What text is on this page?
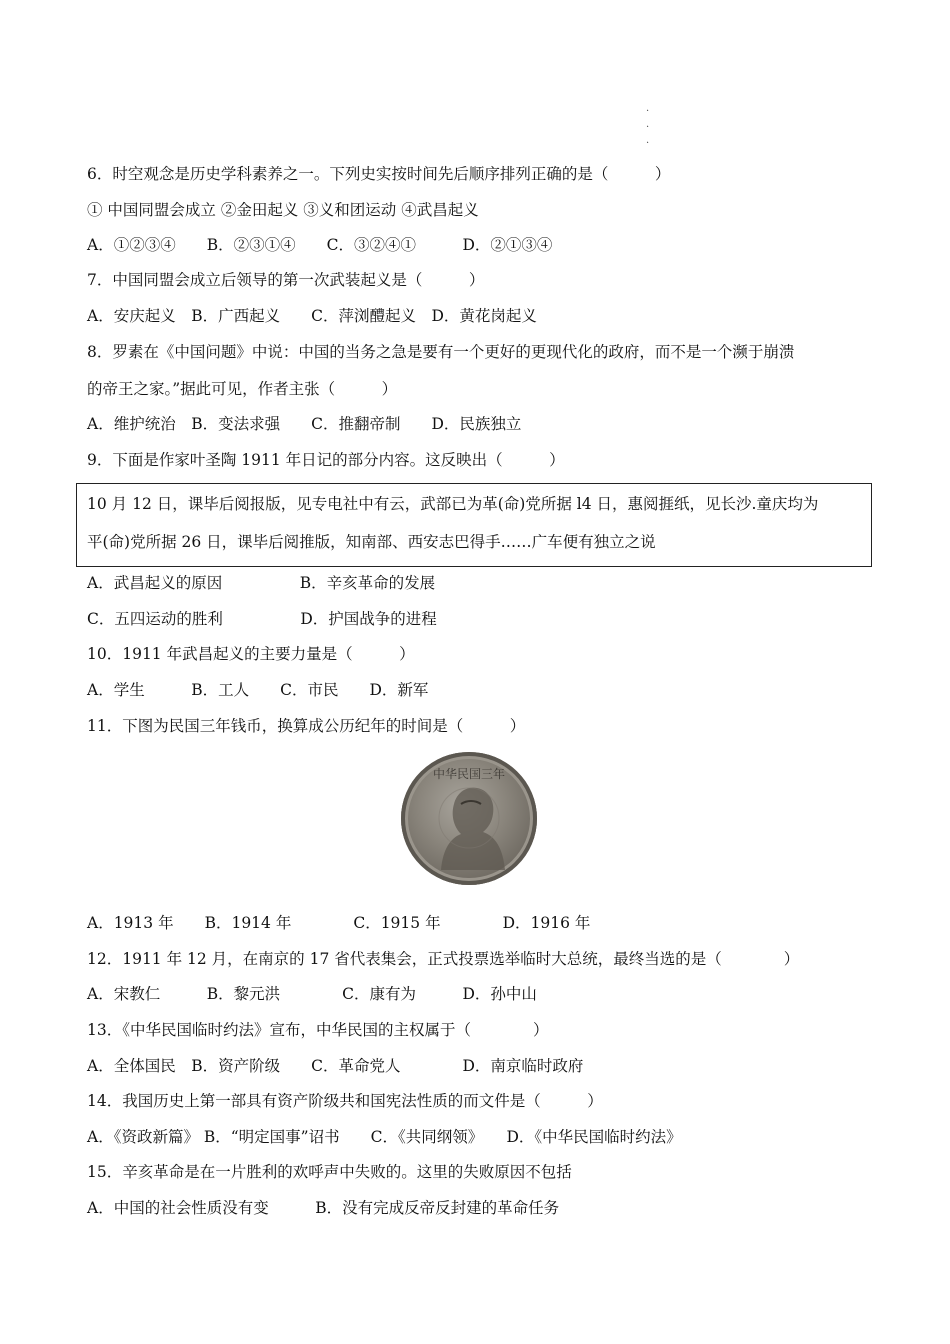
·
·
·
6．时空观念是历史学科素养之一。下列史实按时间先后顺序排列正确的是（　　　）
① 中国同盟会成立 ②金田起义 ③义和团运动 ④武昌起义
A．①②③④　　B．②③①④　　C．③②④①　　　D．②①③④
7．中国同盟会成立后领导的第一次武装起义是（　　　）
A．安庆起义　B．广西起义　　C．萍浏醴起义　D．黄花岗起义
8．罗素在《中国问题》中说：中国的当务之急是要有一个更好的更现代化的政府，而不是一个濒于崩溃
的帝王之家。”据此可见，作者主张（　　　）
A．维护统治　B．变法求强　　C．推翻帝制　　D．民族独立
9．下面是作家叶圣陶 1911 年日记的部分内容。这反映出（　　　）
10 月 12 日，课毕后阅报版，见专电社中有云，武部已为革(命)党所据 l4 日，惠阅捱纸，见长沙.童庆均为
平(命)党所据 26 日，课毕后阅推版，知南部、西安志巴得手……广车便有独立之说
A．武昌起义的原因　　　　　B．辛亥革命的发展
C．五四运动的胜利　　　　　D．护国战争的进程
10．1911 年武昌起义的主要力量是（　　　）
A．学生　　　B．工人　　C．市民　　D．新军
11．下图为民国三年钱币，换算成公历纪年的时间是（　　　）
中华民国三年
A．1913 年　　B．1914 年　　　　C．1915 年　　　　D．1916 年
12．1911 年 12 月，在南京的 17 省代表集会，正式投票选举临时大总统，最终当选的是（　　　　）
A．宋教仁　　　B．黎元洪　　　　C．康有为　　　D．孙中山
13．《中华民国临时约法》宣布，中华民国的主权属于（　　　　）
A．全体国民　B．资产阶级　　C．革命党人　　　　D．南京临时政府
14．我国历史上第一部具有资产阶级共和国宪法性质的而文件是（　　　）
A．《资政新篇》 B．“明定国事”诏书　　C．《共同纲领》　　D．《中华民国临时约法》
15．辛亥革命是在一片胜利的欢呼声中失败的。这里的失败原因不包括
A．中国的社会性质没有变　　　B．没有完成反帝反封建的革命任务
